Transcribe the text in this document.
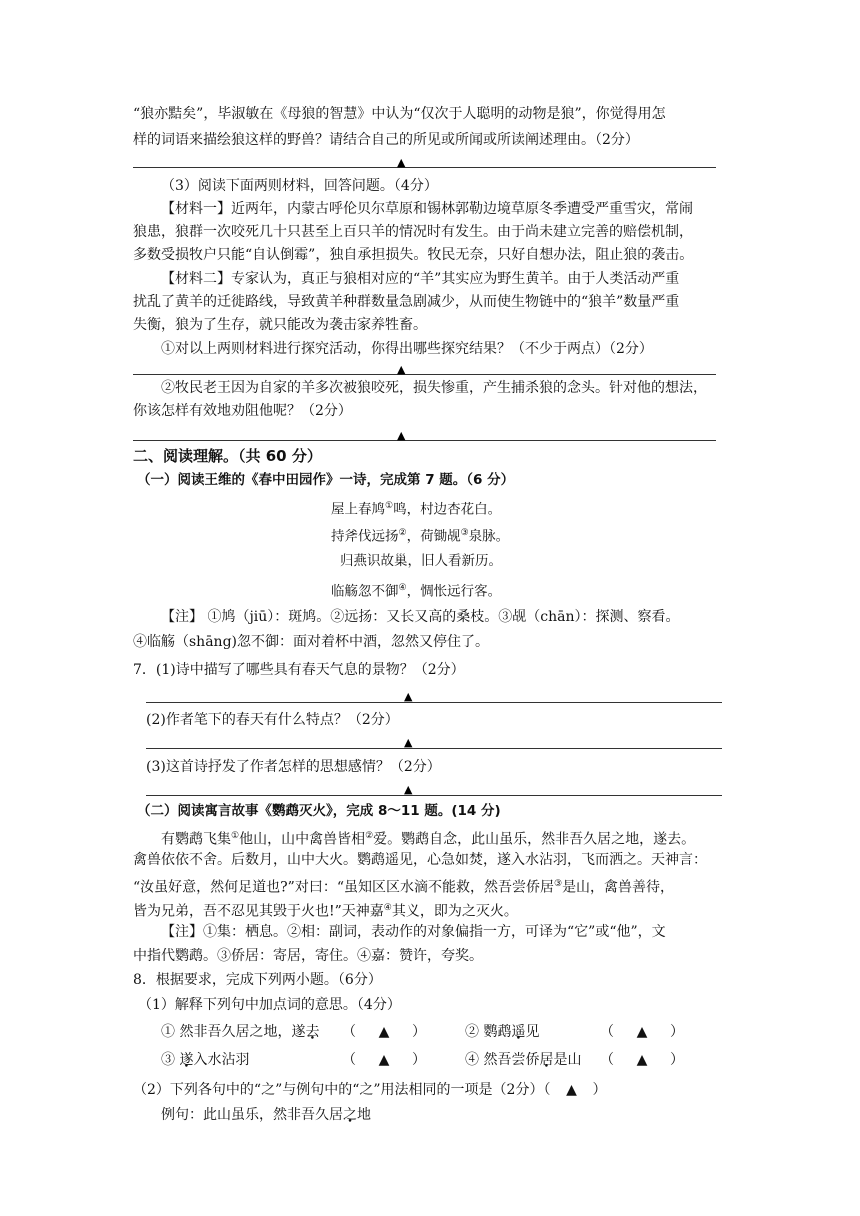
“狼亦黠矣”，毕淑敏在《母狼的智慧》中认为“仅次于人聪明的动物是狼”，你觉得用怎
样的词语来描绘狼这样的野兽？请结合自己的所见或所闻或所读阐述理由。（2分）
▲
（3）阅读下面两则材料，回答问题。（4分）
【材料一】近两年，内蒙古呼伦贝尔草原和锡林郭勒边境草原冬季遭受严重雪灾，常闹
狼患，狼群一次咬死几十只甚至上百只羊的情况时有发生。由于尚未建立完善的赔偿机制，
多数受损牧户只能“自认倒霉”，独自承担损失。牧民无奈，只好自想办法，阻止狼的袭击。
【材料二】专家认为，真正与狼相对应的“羊”其实应为野生黄羊。由于人类活动严重
扰乱了黄羊的迁徙路线，导致黄羊种群数量急剧减少，从而使生物链中的“狼羊”数量严重
失衡，狼为了生存，就只能改为袭击家养牲畜。
①对以上两则材料进行探究活动，你得出哪些探究结果？（不少于两点）（2分）
▲
②牧民老王因为自家的羊多次被狼咬死，损失惨重，产生捕杀狼的念头。针对他的想法，
你该怎样有效地劝阻他呢？（2分）
▲
二、阅读理解。（共 60 分）
（一）阅读王维的《春中田园作》一诗，完成第 7 题。（6 分）
屋上春鸠①鸣，村边杏花白。
持斧伐远扬②，荷锄觇③泉脉。
归燕识故巢，旧人看新历。
临觞忽不御④，惆怅远行客。
【注】 ①鸠（jiū）：斑鸠。②远扬：又长又高的桑枝。③觇（chān）：探测、察看。
④临觞（shāng)忽不御：面对着杯中酒，忽然又停住了。
7．(1)诗中描写了哪些具有春天气息的景物？（2分）
▲
(2)作者笔下的春天有什么特点？（2分）
▲
(3)这首诗抒发了作者怎样的思想感情？（2分）
▲
（二）阅读寓言故事《鹦鹉灭火》，完成 8～11 题。(14 分)
有鹦鹉飞集①他山，山中禽兽皆相②爱。鹦鹉自念，此山虽乐，然非吾久居之地，遂去。
禽兽依依不舍。后数月，山中大火。鹦鹉遥见，心急如焚，遂入水沾羽，飞而洒之。天神言：
“汝虽好意，然何足道也?”对曰：“虽知区区水滴不能救，然吾尝侨居③是山，禽兽善待，
皆为兄弟，吾不忍见其毁于火也!”天神嘉④其义，即为之灭火。
【注】①集：栖息。②相：副词，表动作的对象偏指一方，可译为“它”或“他”，文
中指代鹦鹉。③侨居：寄居，寄住。④嘉：赞许，夸奖。
8．根据要求，完成下列两小题。（6分）
（1）解释下列句中加点词的意思。（4分）
① 然非吾久居之地，遂去 （ ▲ ）	② 鹦鹉遥见	（ ▲ ）
③ 遂入水沾羽	（ ▲ ）	④ 然吾尝侨居是山 （ ▲ ）
（2）下列各句中的“之”与例句中的“之”用法相同的一项是（2分）（ ▲ ）
例句：此山虽乐，然非吾久居之地
